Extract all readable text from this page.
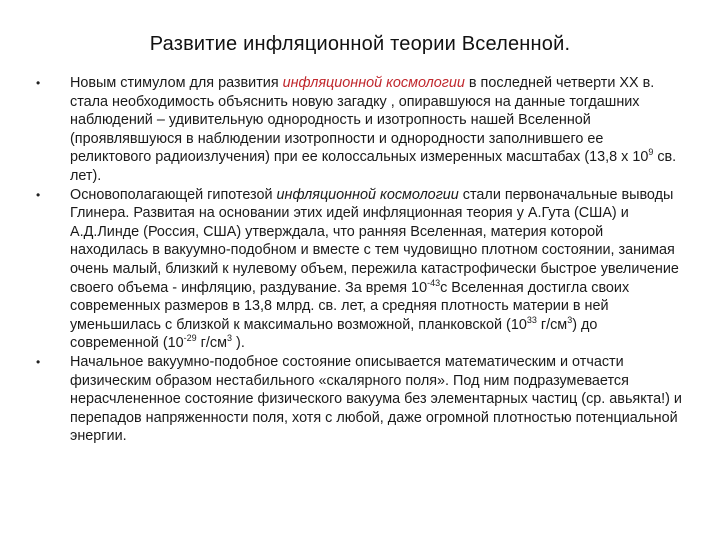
Развитие инфляционной теории Вселенной.
•	Новым стимулом для развития инфляционной космологии в последней четверти XX в. стала необходимость объяснить новую загадку , опиравшуюся на данные тогдашних наблюдений – удивительную однородность и изотропность нашей Вселенной (проявлявшуюся в наблюдении изотропности и однородности заполнившего ее реликтового радиоизлучения) при ее колоссальных измеренных масштабах (13,8 х $10^9$ св. лет).
•	Основополагающей гипотезой инфляционной космологии стали первоначальные выводы Глинера. Развитая на основании этих идей инфляционная теория у А.Гута (США) и А.Д.Линде (Россия, США) утверждала, что ранняя Вселенная, материя которой находилась в вакуумно-подобном и вместе с тем чудовищно плотном состоянии, занимая очень малый, близкий к нулевому объем, пережила катастрофически быстрое увеличение своего объема - инфляцию, раздувание. За время $10^{-43}с$ Вселенная достигла своих современных размеров в 13,8 млрд. св. лет, а средняя плотность материи в ней уменьшилась с близкой к максимально возможной, планковской ($10^{33}$ $г/см^3$) до современной ($10^{-29}$ $г/см^3$ ).
•	Начальное вакуумно-подобное состояние описывается математическим и отчасти физическим образом нестабильного «скалярного поля». Под ним подразумевается нерасчлененное состояние физического вакуума без элементарных частиц (ср. авьякта!) и перепадов напряженности поля, хотя с любой, даже огромной плотностью потенциальной энергии.
